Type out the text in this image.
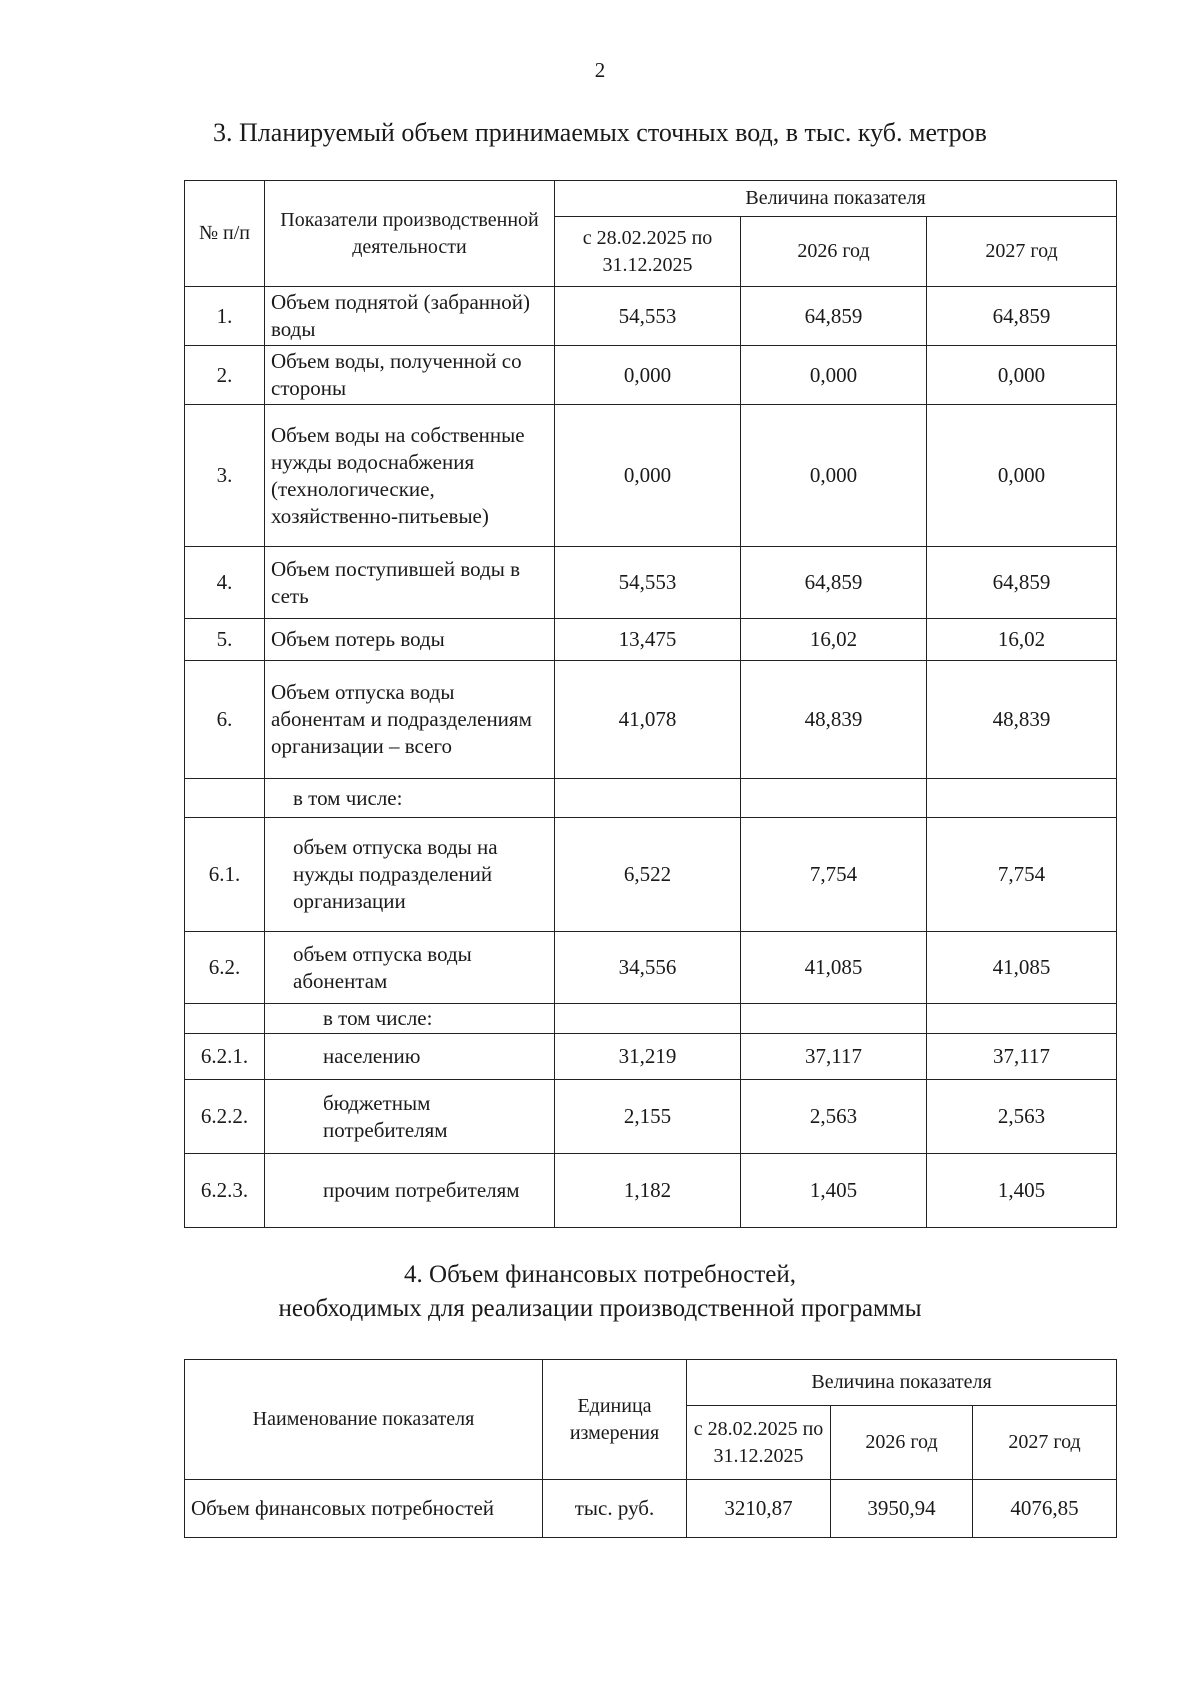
2
3. Планируемый объем принимаемых сточных вод, в тыс. куб. метров
№ п/п	Показатели производственной деятельности	Величина показателя		
		с 28.02.2025 по 31.12.2025	2026 год	2027 год
1.	Объем поднятой (забранной) воды	54,553	64,859	64,859
2.	Объем воды, полученной со стороны	0,000	0,000	0,000
3.	Объем воды на собственные нужды водоснабжения (технологические, хозяйственно-питьевые)	0,000	0,000	0,000
4.	Объем поступившей воды в сеть	54,553	64,859	64,859
5.	Объем потерь воды	13,475	16,02	16,02
6.	Объем отпуска воды абонентам и подразделениям организации – всего	41,078	48,839	48,839
	в том числе:			
6.1.	объем отпуска воды на нужды подразделений организации	6,522	7,754	7,754
6.2.	объем отпуска воды абонентам	34,556	41,085	41,085
	в том числе:			
6.2.1.	населению	31,219	37,117	37,117
6.2.2.	бюджетным потребителям	2,155	2,563	2,563
6.2.3.	прочим потребителям	1,182	1,405	1,405
4. Объем финансовых потребностей,
необходимых для реализации производственной программы
Наименование показателя	Единица измерения	Величина показателя		
		с 28.02.2025 по 31.12.2025	2026 год	2027 год
Объем финансовых потребностей	тыс. руб.	3210,87	3950,94	4076,85
